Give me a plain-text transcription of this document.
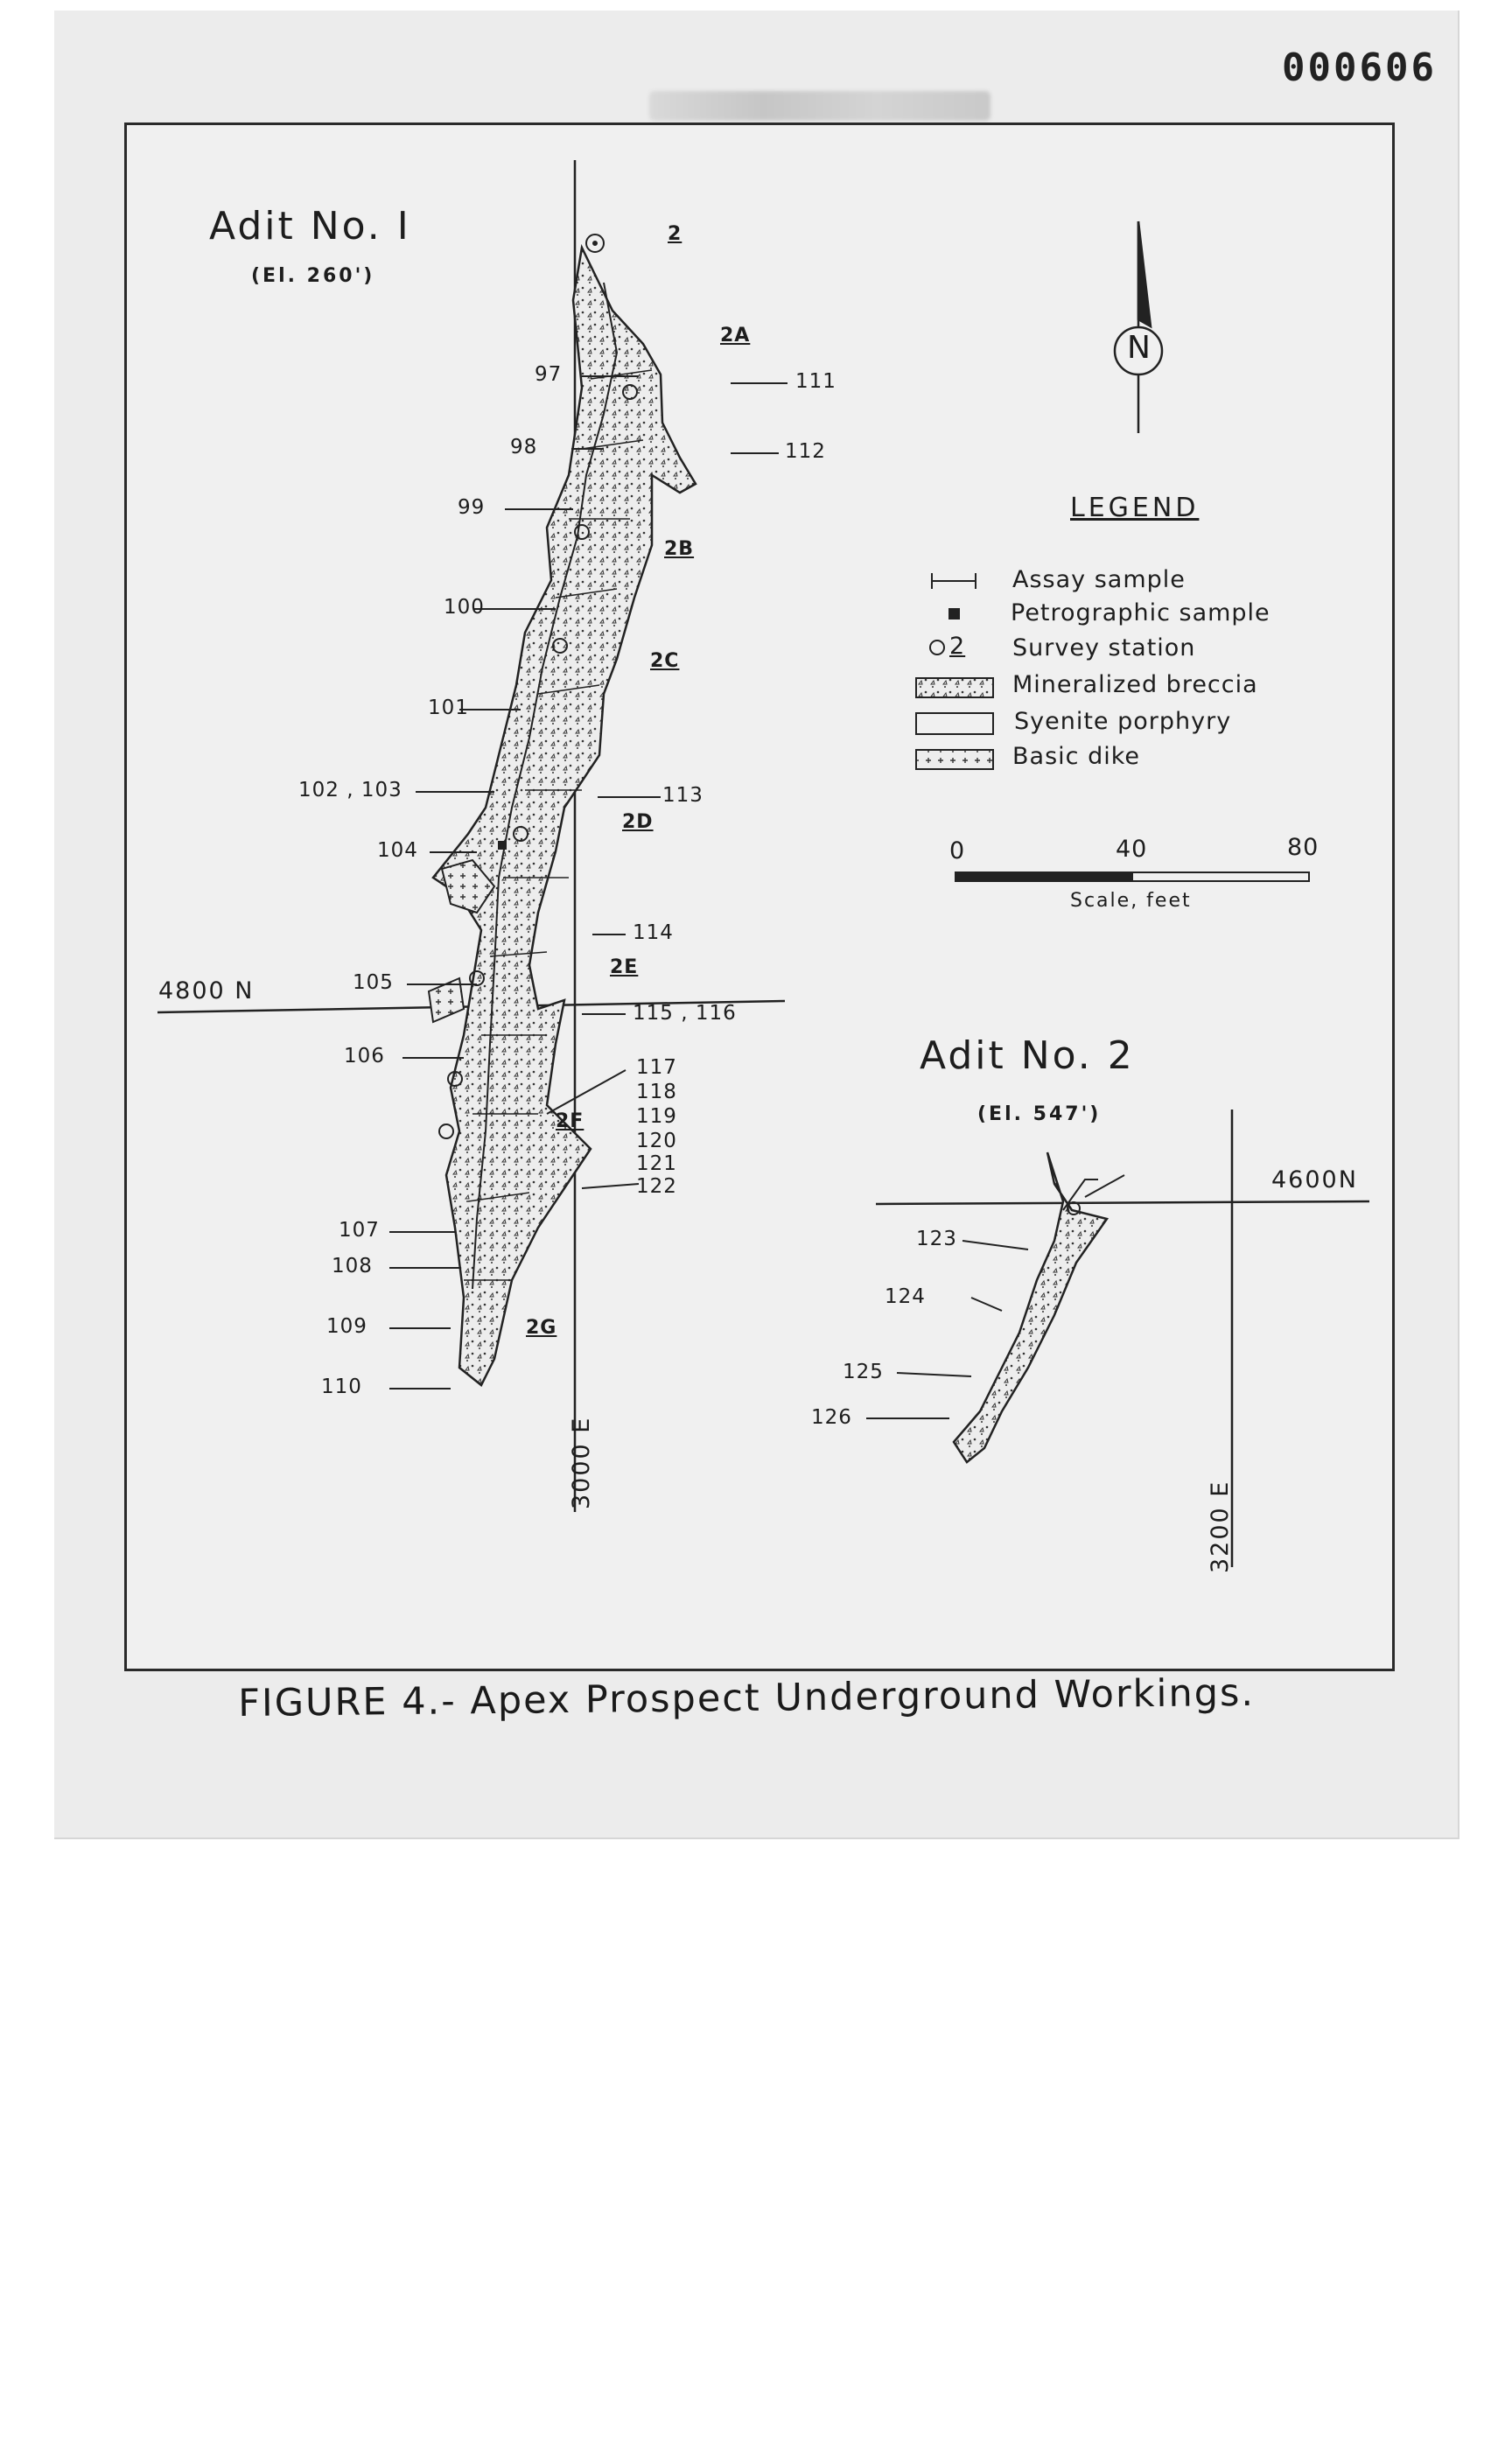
000606
Adit No. I
(El. 260')
2
2A
2B
2C
2D
2E
2F
2G
97
98
99
100
101
102 , 103
104
105
106
107
108
109
110
111
112
113
114
115 , 116
117
118
119
120
121
122
4800 N
4600N
3000 E
3200 E
N
LEGEND
Assay sample
Petrographic sample
2 Survey station
Mineralized breccia
Syenite porphyry
Basic dike
0	40	80
Scale, feet
Adit No. 2
(El. 547')
123
124
125
126
FIGURE 4.- Apex Prospect Underground Workings.
